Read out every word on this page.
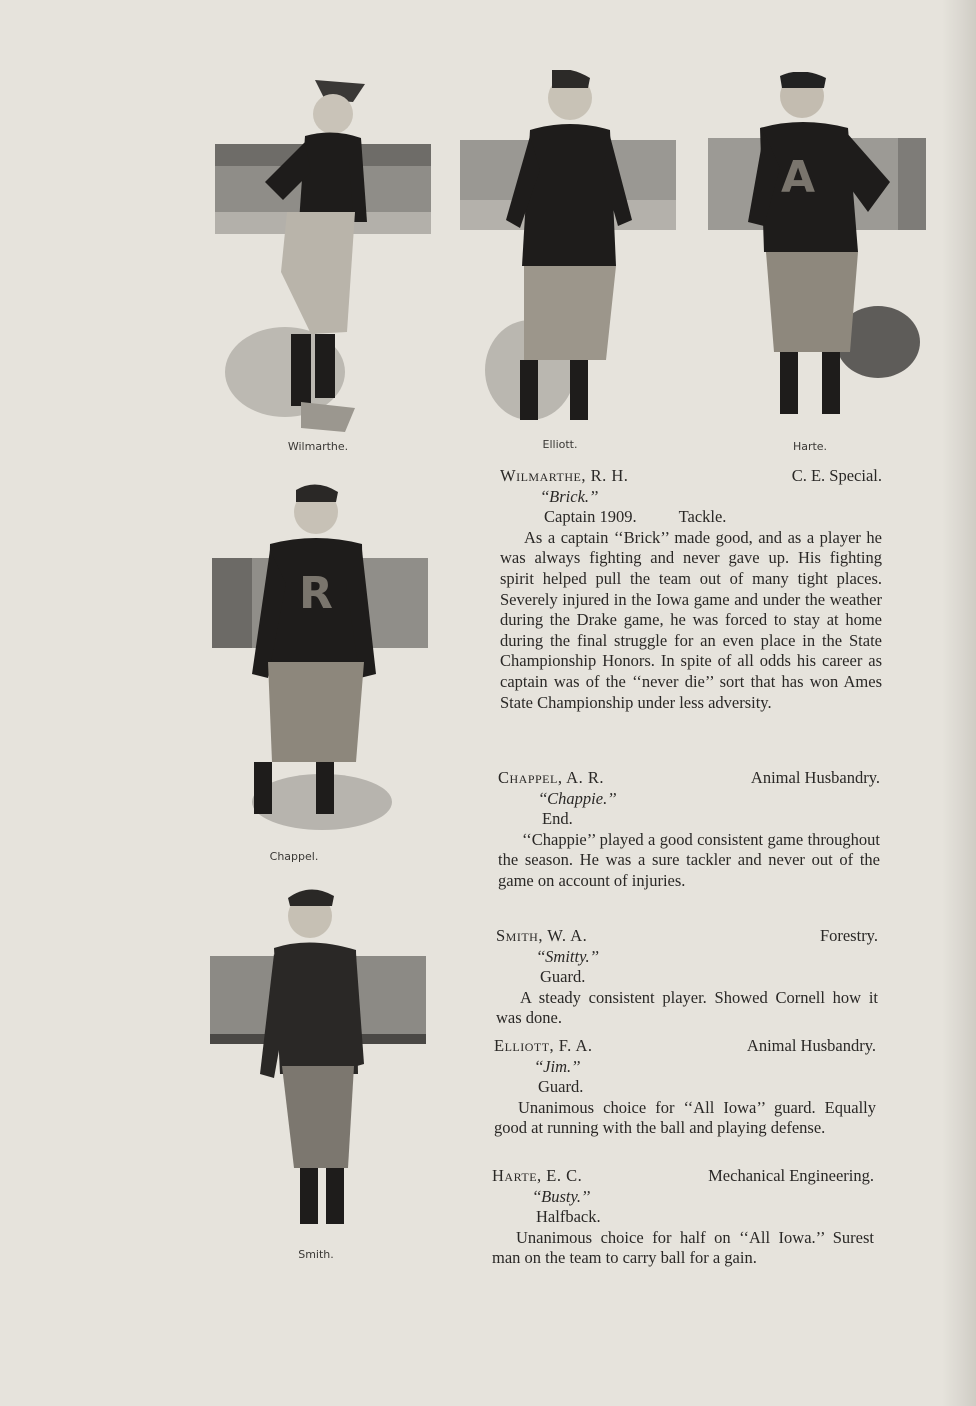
Wilmarthe.	Elliott.
A
Harte.
R
Chappel.
Smith.
Wilmarthe, R. H.	C. E. Special.
‘‘Brick.’’
Captain 1909.	Tackle.

As a captain ‘‘Brick’’ made good, and as a player he was always fighting and never gave up. His fighting spirit helped pull the team out of many tight places. Severely injured in the Iowa game and under the weather during the Drake game, he was forced to stay at home during the final struggle for an even place in the State Championship Honors. In spite of all odds his career as captain was of the ‘‘never die’’ sort that has won Ames State Championship under less adversity.

Chappel, A. R.	Animal Husbandry.
‘‘Chappie.’’
End.

‘‘Chappie’’ played a good consistent game throughout the season. He was a sure tackler and never out of the game on account of injuries.

Smith, W. A.	Forestry.
‘‘Smitty.’’
Guard.

A steady consistent player. Showed Cornell how it was done.

Elliott, F. A.	Animal Husbandry.
‘‘Jim.’’
Guard.

Unanimous choice for ‘‘All Iowa’’ guard. Equally good at running with the ball and playing defense.

Harte, E. C.	Mechanical Engineering.
‘‘Busty.’’
Halfback.

Unanimous choice for half on ‘‘All Iowa.’’ Surest man on the team to carry ball for a gain.
